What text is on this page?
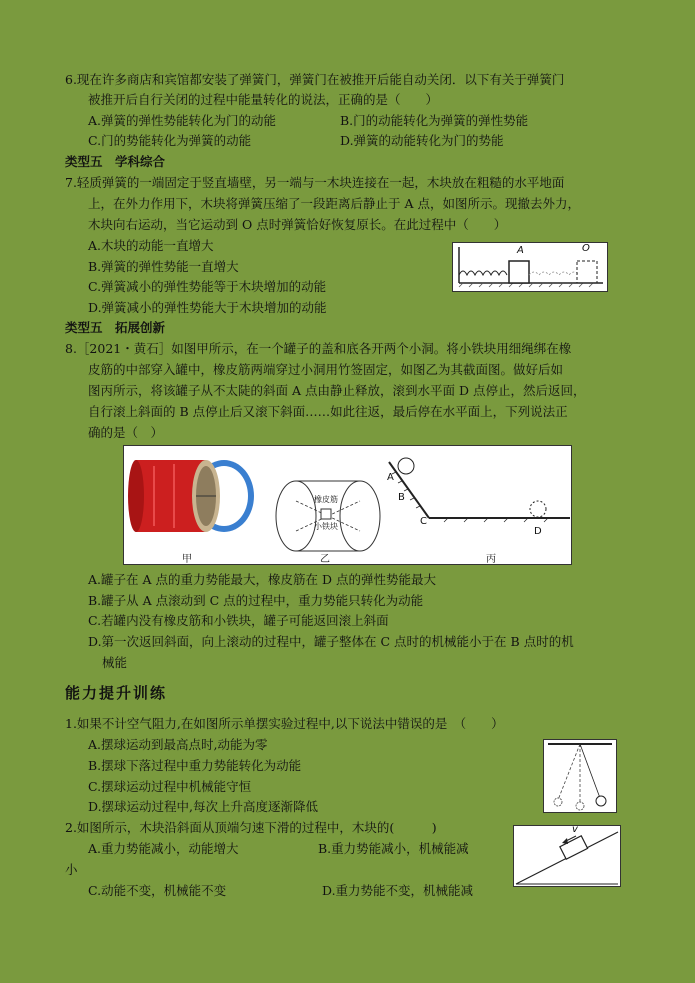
6.现在许多商店和宾馆都安装了弹簧门，弹簧门在被推开后能自动关闭．以下有关于弹簧门
被推开后自行关闭的过程中能量转化的说法，正确的是（　　）
A.弹簧的弹性势能转化为门的动能	B.门的动能转化为弹簧的弹性势能
C.门的势能转化为弹簧的动能	D.弹簧的动能转化为门的势能
类型五　学科综合
7.轻质弹簧的一端固定于竖直墙壁，另一端与一木块连接在一起，木块放在粗糙的水平地面
上，在外力作用下，木块将弹簧压缩了一段距离后静止于 A 点，如图所示。现撤去外力，
木块向右运动，当它运动到 O 点时弹簧恰好恢复原长。在此过程中（　　）
A.木块的动能一直增大
B.弹簧的弹性势能一直增大
C.弹簧减小的弹性势能等于木块增加的动能
D.弹簧减小的弹性势能大于木块增加的动能
A	O
类型五　拓展创新
8.［2021・黄石］如图甲所示，在一个罐子的盖和底各开两个小洞。将小铁块用细绳绑在橡
皮筋的中部穿入罐中，橡皮筋两端穿过小洞用竹签固定，如图乙为其截面图。做好后如
图丙所示，将该罐子从不太陡的斜面 A 点由静止释放，滚到水平面 D 点停止，然后返回，
自行滚上斜面的 B 点停止后又滚下斜面……如此往返，最后停在水平面上，下列说法正
确的是（　）
甲	乙	丙
橡皮筋
小铁块
A
B
C
D
A.罐子在 A 点的重力势能最大，橡皮筋在 D 点的弹性势能最大
B.罐子从 A 点滚动到 C 点的过程中，重力势能只转化为动能
C.若罐内没有橡皮筋和小铁块，罐子可能返回滚上斜面
D.第一次返回斜面，向上滚动的过程中，罐子整体在 C 点时的机械能小于在 B 点时的机
械能
能力提升训练
1.如果不计空气阻力,在如图所示单摆实验过程中,以下说法中错误的是　（　　）
A.摆球运动到最高点时,动能为零
B.摆球下落过程中重力势能转化为动能
C.摆球运动过程中机械能守恒
D.摆球运动过程中,每次上升高度逐渐降低
2.如图所示，木块沿斜面从顶端匀速下滑的过程中，木块的(　　　)
A.重力势能减小，动能增大	B.重力势能减小，机械能减
小
C.动能不变，机械能不变	D.重力势能不变，机械能减
v
